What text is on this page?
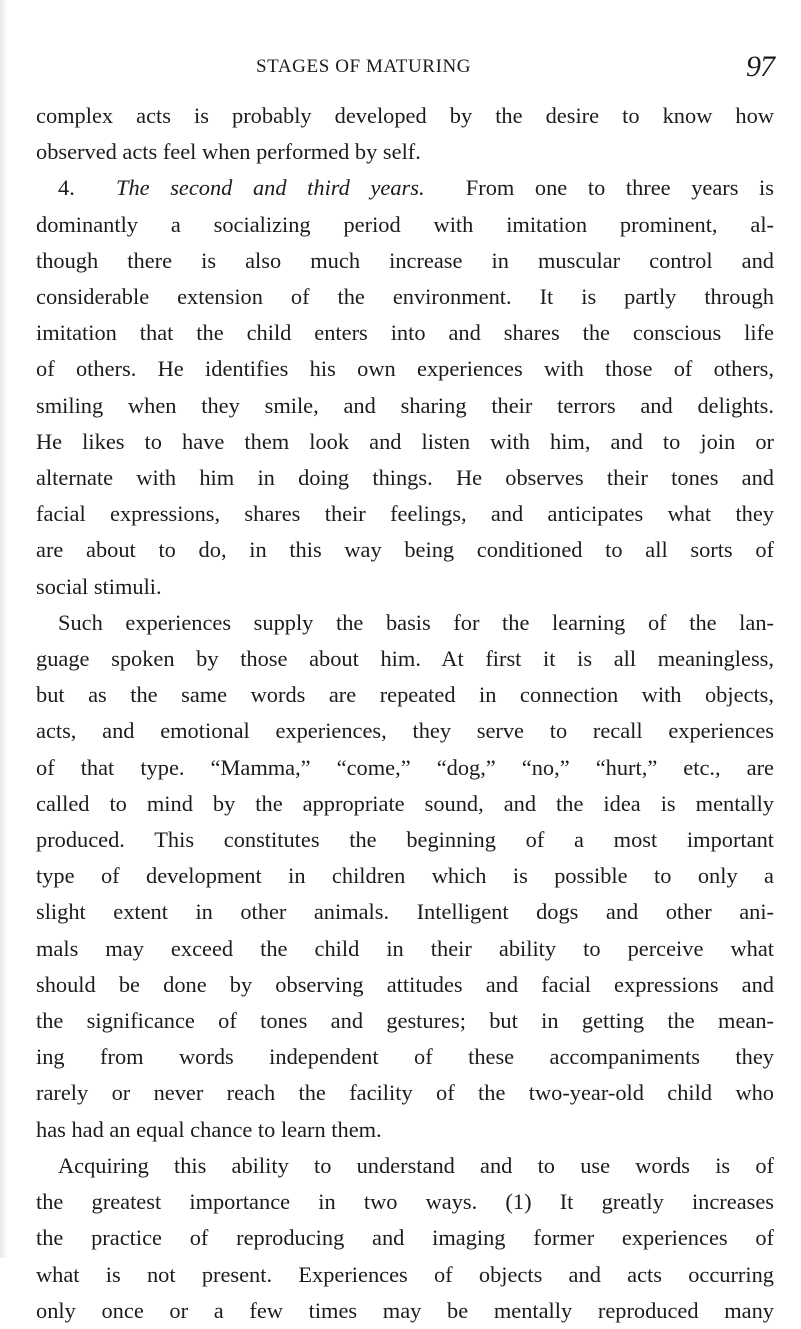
STAGES OF MATURING	97
complex acts is probably developed by the desire to know how
observed acts feel when performed by self.
4. The second and third years. From one to three years is
dominantly a socializing period with imitation prominent, al-
though there is also much increase in muscular control and
considerable extension of the environment. It is partly through
imitation that the child enters into and shares the conscious life
of others. He identifies his own experiences with those of others,
smiling when they smile, and sharing their terrors and delights.
He likes to have them look and listen with him, and to join or
alternate with him in doing things. He observes their tones and
facial expressions, shares their feelings, and anticipates what they
are about to do, in this way being conditioned to all sorts of
social stimuli.
Such experiences supply the basis for the learning of the lan-
guage spoken by those about him. At first it is all meaningless,
but as the same words are repeated in connection with objects,
acts, and emotional experiences, they serve to recall experiences
of that type. “Mamma,” “come,” “dog,” “no,” “hurt,” etc., are
called to mind by the appropriate sound, and the idea is mentally
produced. This constitutes the beginning of a most important
type of development in children which is possible to only a
slight extent in other animals. Intelligent dogs and other ani-
mals may exceed the child in their ability to perceive what
should be done by observing attitudes and facial expressions and
the significance of tones and gestures; but in getting the mean-
ing from words independent of these accompaniments they
rarely or never reach the facility of the two-year-old child who
has had an equal chance to learn them.
Acquiring this ability to understand and to use words is of
the greatest importance in two ways. (1) It greatly increases
the practice of reproducing and imaging former experiences of
what is not present. Experiences of objects and acts occurring
only once or a few times may be mentally reproduced many
